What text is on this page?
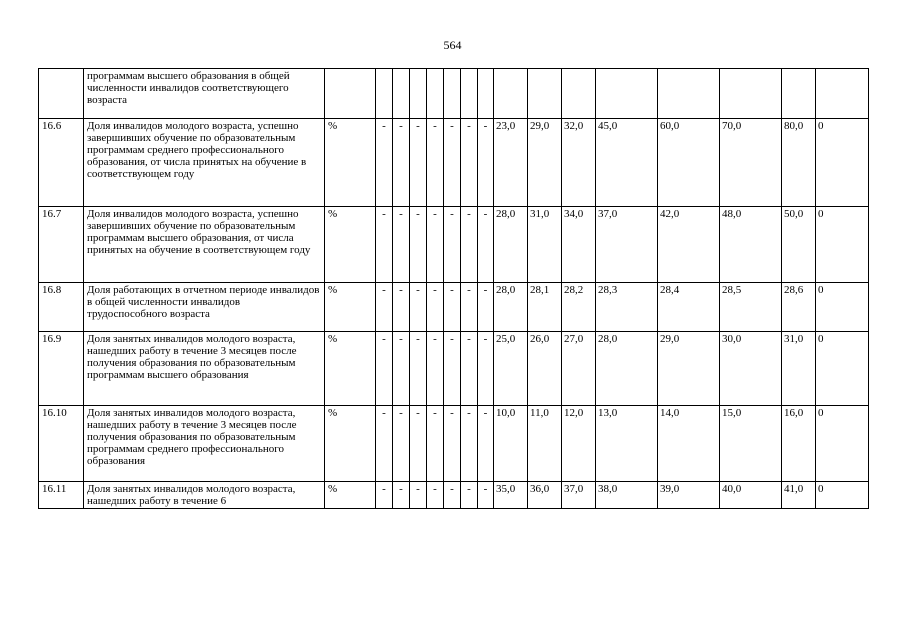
564
	программам высшего образования в общей численности инвалидов соответствующего возраста																
16.6	Доля инвалидов молодого возраста, успешно завершивших обучение по образовательным программам среднего профессионального образования, от числа принятых на обучение в соответствующем году	%	-	-	-	-	-	-	-	23,0	29,0	32,0	45,0	60,0	70,0	80,0	0
16.7	Доля инвалидов молодого возраста, успешно завершивших обучение по образовательным программам высшего образования, от числа принятых на обучение в соответствующем году	%	-	-	-	-	-	-	-	28,0	31,0	34,0	37,0	42,0	48,0	50,0	0
16.8	Доля работающих в отчетном периоде инвалидов в общей численности инвалидов трудоспособного возраста	%	-	-	-	-	-	-	-	28,0	28,1	28,2	28,3	28,4	28,5	28,6	0
16.9	Доля занятых инвалидов молодого возраста, нашедших работу в течение 3 месяцев после получения образования по образовательным программам высшего образования	%	-	-	-	-	-	-	-	25,0	26,0	27,0	28,0	29,0	30,0	31,0	0
16.10	Доля занятых инвалидов молодого возраста, нашедших работу в течение 3 месяцев после получения образования по образовательным программам среднего профессионального образования	%	-	-	-	-	-	-	-	10,0	11,0	12,0	13,0	14,0	15,0	16,0	0
16.11	Доля занятых инвалидов молодого возраста, нашедших работу в течение 6	%	-	-	-	-	-	-	-	35,0	36,0	37,0	38,0	39,0	40,0	41,0	0
